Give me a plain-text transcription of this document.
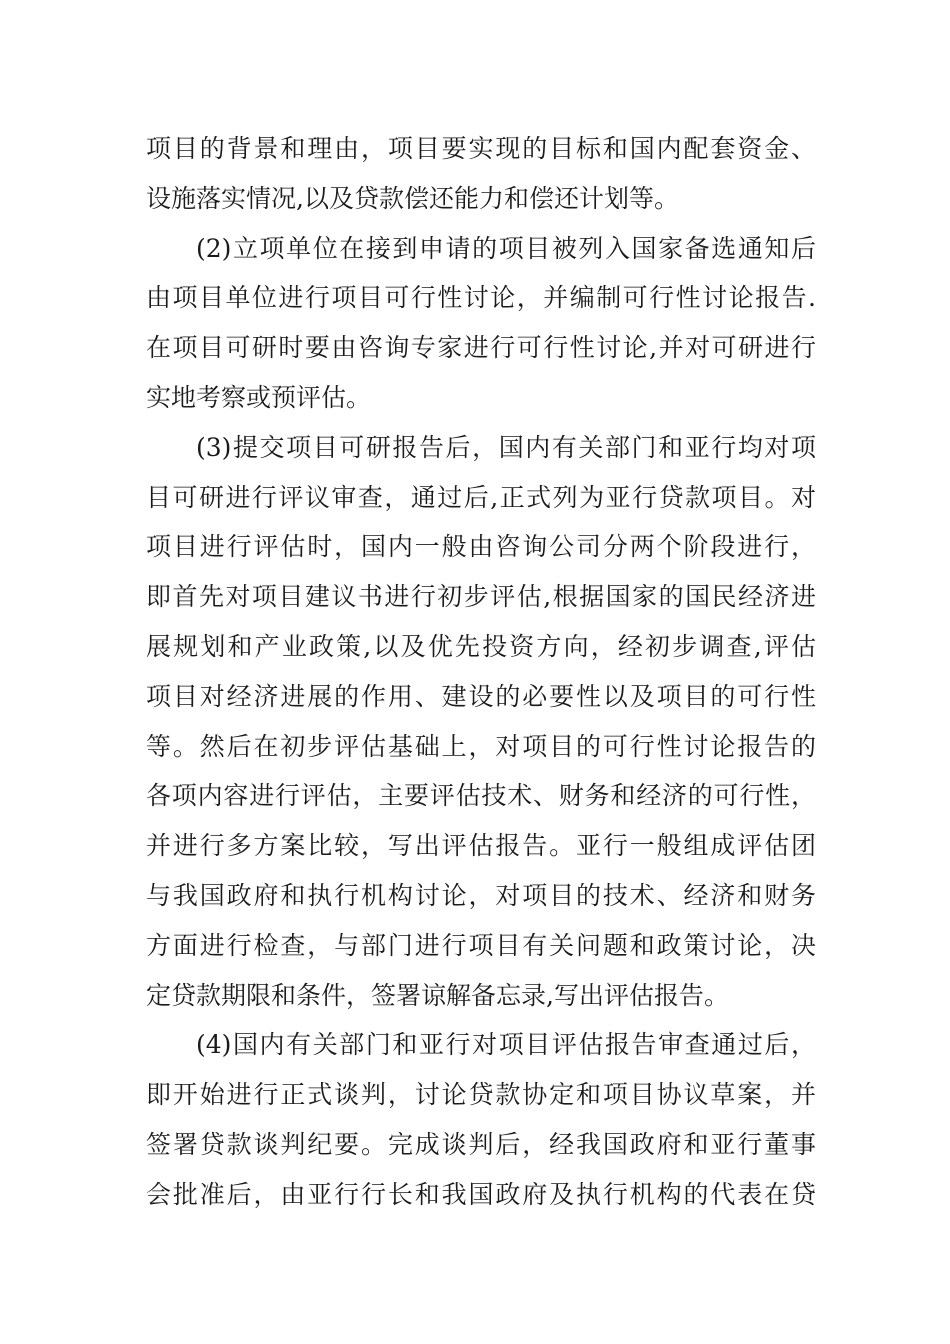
项目的背景和理由，项目要实现的目标和国内配套资金、
设施落实情况,以及贷款偿还能力和偿还计划等。
(2)立项单位在接到申请的项目被列入国家备选通知后
由项目单位进行项目可行性讨论，并编制可行性讨论报告.
在项目可研时要由咨询专家进行可行性讨论,并对可研进行
实地考察或预评估。
(3)提交项目可研报告后，国内有关部门和亚行均对项
目可研进行评议审查，通过后,正式列为亚行贷款项目。对
项目进行评估时，国内一般由咨询公司分两个阶段进行，
即首先对项目建议书进行初步评估,根据国家的国民经济进
展规划和产业政策,以及优先投资方向，经初步调查,评估
项目对经济进展的作用、建设的必要性以及项目的可行性
等。然后在初步评估基础上，对项目的可行性讨论报告的
各项内容进行评估，主要评估技术、财务和经济的可行性，
并进行多方案比较，写出评估报告。亚行一般组成评估团
与我国政府和执行机构讨论，对项目的技术、经济和财务
方面进行检查，与部门进行项目有关问题和政策讨论，决
定贷款期限和条件，签署谅解备忘录,写出评估报告。
(4)国内有关部门和亚行对项目评估报告审查通过后，
即开始进行正式谈判，讨论贷款协定和项目协议草案，并
签署贷款谈判纪要。完成谈判后，经我国政府和亚行董事
会批准后，由亚行行长和我国政府及执行机构的代表在贷
